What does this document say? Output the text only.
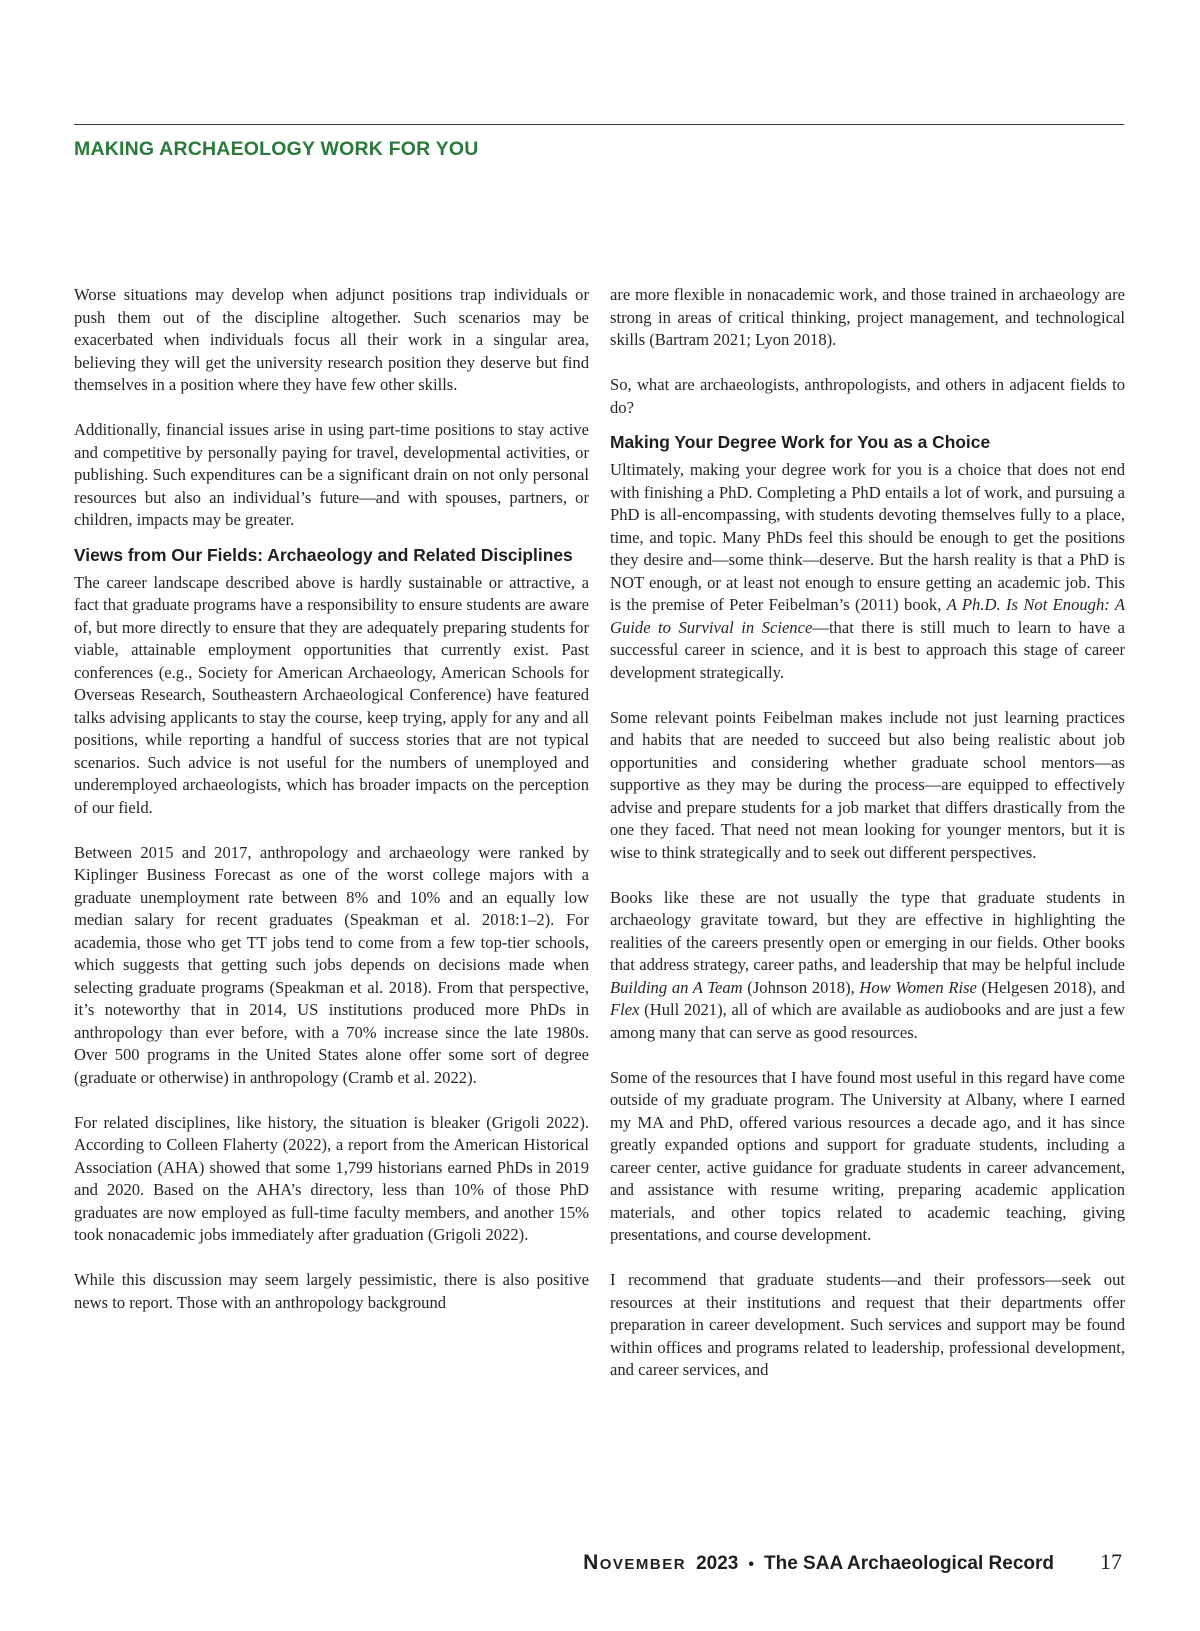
MAKING ARCHAEOLOGY WORK FOR YOU

Worse situations may develop when adjunct positions trap individuals or push them out of the discipline altogether. Such scenarios may be exacerbated when individuals focus all their work in a singular area, believing they will get the university research position they deserve but find themselves in a position where they have few other skills.

Additionally, financial issues arise in using part-time positions to stay active and competitive by personally paying for travel, developmental activities, or publishing. Such expenditures can be a significant drain on not only personal resources but also an individual’s future—and with spouses, partners, or children, impacts may be greater.

Views from Our Fields: Archaeology and Related Disciplines

The career landscape described above is hardly sustainable or attractive, a fact that graduate programs have a responsibility to ensure students are aware of, but more directly to ensure that they are adequately preparing students for viable, attainable employment opportunities that currently exist. Past conferences (e.g., Society for American Archaeology, American Schools for Overseas Research, Southeastern Archaeological Conference) have featured talks advising applicants to stay the course, keep trying, apply for any and all positions, while reporting a handful of success stories that are not typical scenarios. Such advice is not useful for the numbers of unemployed and underemployed archaeologists, which has broader impacts on the perception of our field.

Between 2015 and 2017, anthropology and archaeology were ranked by Kiplinger Business Forecast as one of the worst college majors with a graduate unemployment rate between 8% and 10% and an equally low median salary for recent graduates (Speakman et al. 2018:1–2). For academia, those who get TT jobs tend to come from a few top-tier schools, which suggests that getting such jobs depends on decisions made when selecting graduate programs (Speakman et al. 2018). From that perspective, it’s noteworthy that in 2014, US institutions produced more PhDs in anthropology than ever before, with a 70% increase since the late 1980s. Over 500 programs in the United States alone offer some sort of degree (graduate or otherwise) in anthropology (Cramb et al. 2022).

For related disciplines, like history, the situation is bleaker (Grigoli 2022). According to Colleen Flaherty (2022), a report from the American Historical Association (AHA) showed that some 1,799 historians earned PhDs in 2019 and 2020. Based on the AHA’s directory, less than 10% of those PhD graduates are now employed as full-time faculty members, and another 15% took nonacademic jobs immediately after graduation (Grigoli 2022).

While this discussion may seem largely pessimistic, there is also positive news to report. Those with an anthropology background

are more flexible in nonacademic work, and those trained in archaeology are strong in areas of critical thinking, project management, and technological skills (Bartram 2021; Lyon 2018).

So, what are archaeologists, anthropologists, and others in adjacent fields to do?

Making Your Degree Work for You as a Choice

Ultimately, making your degree work for you is a choice that does not end with finishing a PhD. Completing a PhD entails a lot of work, and pursuing a PhD is all-encompassing, with students devoting themselves fully to a place, time, and topic. Many PhDs feel this should be enough to get the positions they desire and—some think—deserve. But the harsh reality is that a PhD is NOT enough, or at least not enough to ensure getting an academic job. This is the premise of Peter Feibelman’s (2011) book, A Ph.D. Is Not Enough: A Guide to Survival in Science—that there is still much to learn to have a successful career in science, and it is best to approach this stage of career development strategically.

Some relevant points Feibelman makes include not just learning practices and habits that are needed to succeed but also being realistic about job opportunities and considering whether graduate school mentors—as supportive as they may be during the process—are equipped to effectively advise and prepare students for a job market that differs drastically from the one they faced. That need not mean looking for younger mentors, but it is wise to think strategically and to seek out different perspectives.

Books like these are not usually the type that graduate students in archaeology gravitate toward, but they are effective in highlighting the realities of the careers presently open or emerging in our fields. Other books that address strategy, career paths, and leadership that may be helpful include Building an A Team (Johnson 2018), How Women Rise (Helgesen 2018), and Flex (Hull 2021), all of which are available as audiobooks and are just a few among many that can serve as good resources.

Some of the resources that I have found most useful in this regard have come outside of my graduate program. The University at Albany, where I earned my MA and PhD, offered various resources a decade ago, and it has since greatly expanded options and support for graduate students, including a career center, active guidance for graduate students in career advancement, and assistance with resume writing, preparing academic application materials, and other topics related to academic teaching, giving presentations, and course development.

I recommend that graduate students—and their professors—seek out resources at their institutions and request that their departments offer preparation in career development. Such services and support may be found within offices and programs related to leadership, professional development, and career services, and

November 2023 • The SAA Archaeological Record 17
